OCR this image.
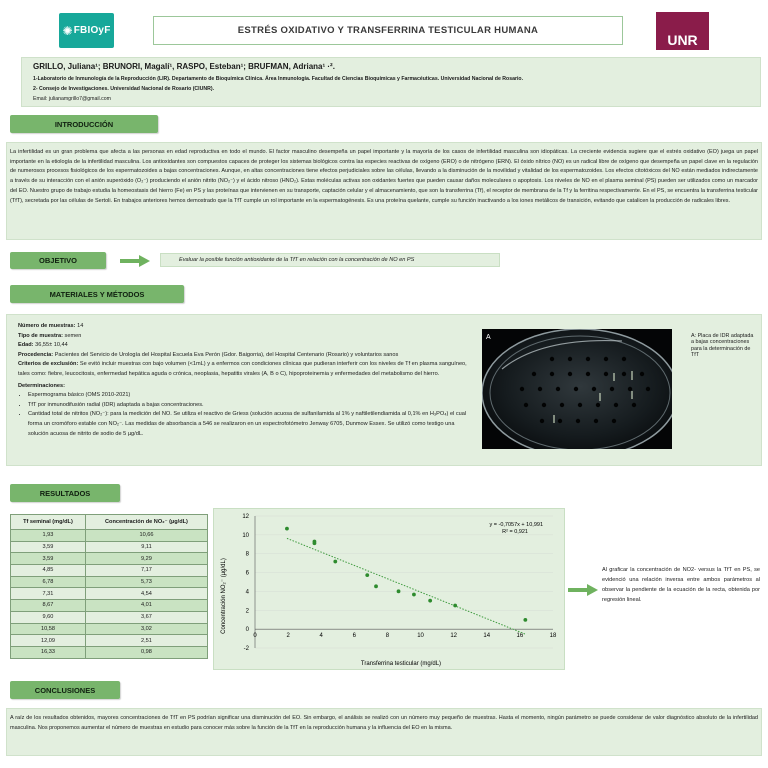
✺ FBIOyF	ESTRÉS OXIDATIVO Y TRANSFERRINA TESTICULAR HUMANA
UNR
GRILLO, Juliana¹; BRUNORI, Magalí¹, RASPO, Esteban¹; BRUFMAN, Adriana¹ ·².
1-Laboratorio de Inmunología de la Reproducción (LIR). Departamento de Bioquímica Clínica. Área Inmunología. Facultad de Ciencias Bioquímicas y Farmacéuticas. Universidad Nacional de Rosario.
2- Consejo de Investigaciones. Universidad Nacional de Rosario (CIUNR).
Email: julianamgrillo7@gmail.com
INTRODUCCIÓN
La infertilidad es un gran problema que afecta a las personas en edad reproductiva en todo el mundo. El factor masculino desempeña un papel importante y la mayoría de los casos de infertilidad masculina son idiopáticas. La creciente evidencia sugiere que el estrés oxidativo (EO) juega un papel importante en la etiología de la infertilidad masculina. Los antioxidantes son compuestos capaces de proteger los sistemas biológicos contra las especies reactivas de oxígeno (ERO) o de nitrógeno (ERN). El óxido nítrico (NO) es un radical libre de oxígeno que desempeña un papel clave en la regulación de numerosos procesos fisiológicos de los espermatozoides a bajas concentraciones. Aunque, en altas concentraciones tiene efectos perjudiciales sobre las células, llevando a la disminución de la movilidad y vitalidad de los espermatozoides. Los efectos citotóxicos del NO están mediados indirectamente a través de su interacción con el anión superóxido (O₂⁻) produciendo el anión nitrito (NO₂⁻) y el ácido nitroso (HNO₂). Estas moléculas activas son oxidantes fuertes que pueden causar daños moleculares o apoptosis. Los niveles de NO en el plasma seminal (PS) pueden ser utilizados como un marcador del EO. Nuestro grupo de trabajo estudia la homeostasis del hierro (Fe) en PS y las proteínas que intervienen en su transporte, captación celular y el almacenamiento, que son la transferrina (Tf), el receptor de membrana de la Tf y la ferritina respectivamente. En el PS, se encuentra la transferrina testicular (TfT), secretada por las células de Sertoli. En trabajos anteriores hemos demostrado que la TfT cumple un rol importante en la espermatogénesis. Es una proteína quelante, cumple su función inactivando a los iones metálicos de transición, evitando que catalicen la producción de radicales libres.
OBJETIVO	Evaluar la posible función antioxidante de la TfT en relación con la concentración de NO en PS
MATERIALES Y MÉTODOS
Número de muestras: 14
Tipo de muestra: semen
Edad: 36,55± 10,44
Procedencia: Pacientes del Servicio de Urología del Hospital Escuela Eva Perón (Gdor. Baigorria), del Hospital Centenario (Rosario) y voluntarios sanos
Criterios de exclusión: Se evitó incluir muestras con bajo volumen (<1mL) y a enfermos con condiciones clínicas que pudieran interferir con los niveles de Tf en plasma sanguíneo, tales como: fiebre, leucocitosis, enfermedad hepática aguda o crónica, neoplasia, hepatitis virales (A, B o C), hipoproteinemia y enfermedades del metabolismo del hierro.
Determinaciones:
• Espermograma básico (OMS 2010-2021)
• TfT por inmunodifusión radial (IDR) adaptada a bajas concentraciones.
• Cantidad total de nitritos (NO₂⁻): para la medición del NO. Se utiliza el reactivo de Griess (solución acuosa de sulfanilamida al 1% y naftiletilendiamida al 0,1% en H₃PO₄) el cual forma un cromóforo estable con NO₂⁻. Las medidas de absorbancia a 546 se realizaron en un espectrofotómetro Jenway 6705, Dunmow Essex. Se utilizó como testigo una solución acuosa de nitrito de sodio de 5 µg/dL.
A	A: Placa de IDR adaptada a bajas concentraciones para la determinación de TfT
RESULTADOS
Tf seminal (mg/dL)	Concentración de NO₂⁻ (µg/dL)
1,93	10,66
3,59	9,11
3,59	9,29
4,85	7,17
6,78	5,73
7,31	4,54
8,67	4,01
9,60	3,67
10,58	3,02
12,09	2,51
16,33	0,98
-2
0
2
4
6
8
10
12
0	2	4	6	8	10	12	14	16	18
y = -0,7057x + 10,991
R² = 0,921
Transferrina testicular (mg/dL)
Concentración NO₂⁻ (µg/dL)	Al graficar la concentración de NO2- versus la TfT en PS, se evidenció una relación inversa entre ambos parámetros al observar la pendiente de la ecuación de la recta, obtenida por regresión lineal.
CONCLUSIONES
A raíz de los resultados obtenidos, mayores concentraciones de TfT en PS podrían significar una disminución del EO. Sin embargo, el análisis se realizó con un número muy pequeño de muestras. Hasta el momento, ningún parámetro se puede considerar de valor diagnóstico absoluto de la infertilidad masculina. Nos proponemos aumentar el número de muestras en estudio para conocer más sobre la función de la TfT en la reproducción humana y la influencia del EO en la misma.
